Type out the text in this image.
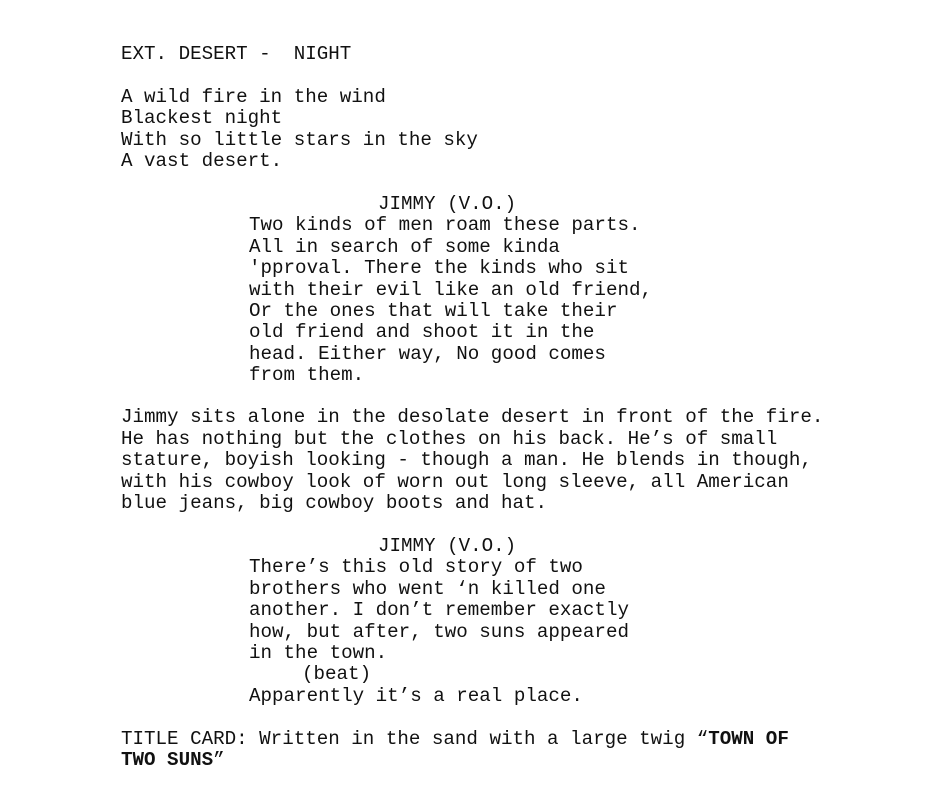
EXT. DESERT -  NIGHT
A wild fire in the wind
Blackest night
With so little stars in the sky
A vast desert.
JIMMY (V.O.)
Two kinds of men roam these parts.
All in search of some kinda
'pproval. There the kinds who sit
with their evil like an old friend,
Or the ones that will take their
old friend and shoot it in the
head. Either way, No good comes
from them.
Jimmy sits alone in the desolate desert in front of the fire.
He has nothing but the clothes on his back. He’s of small
stature, boyish looking - though a man. He blends in though,
with his cowboy look of worn out long sleeve, all American
blue jeans, big cowboy boots and hat.
JIMMY (V.O.)
There’s this old story of two
brothers who went ‘n killed one
another. I don’t remember exactly
how, but after, two suns appeared
in the town.
(beat)
Apparently it’s a real place.
TITLE CARD: Written in the sand with a large twig “TOWN OF
TWO SUNS”
